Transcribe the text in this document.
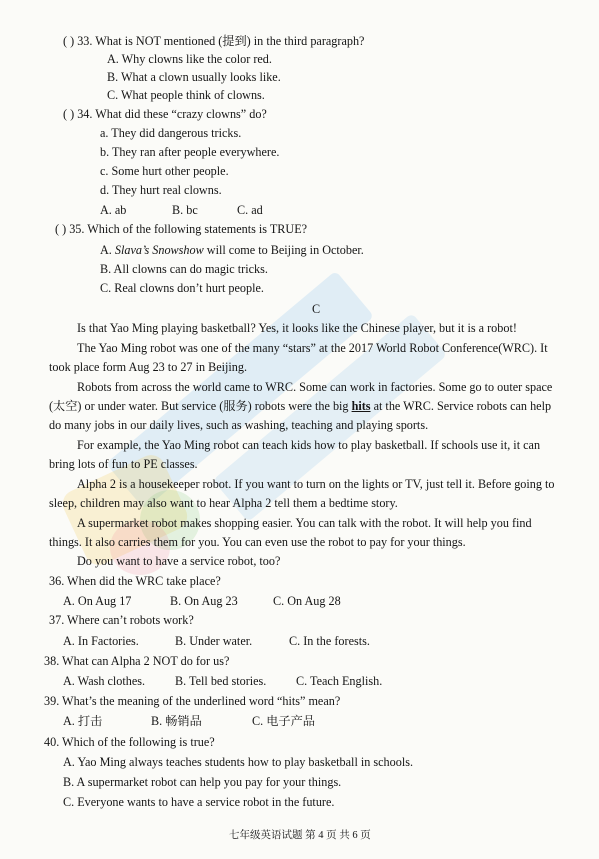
( ) 33. What is NOT mentioned (提到) in the third paragraph?
A. Why clowns like the color red.
B. What a clown usually looks like.
C. What people think of clowns.
( ) 34. What did these “crazy clowns” do?
a. They did dangerous tricks.
b. They ran after people everywhere.
c. Some hurt other people.
d. They hurt real clowns.
A. ab	B. bc	C. ad
( ) 35. Which of the following statements is TRUE?
A. Slava’s Snowshow will come to Beijing in October.
B. All clowns can do magic tricks.
C. Real clowns don’t hurt people.
C
Is that Yao Ming playing basketball? Yes, it looks like the Chinese player, but it is a robot!
The Yao Ming robot was one of the many “stars” at the 2017 World Robot Conference(WRC). It
took place form Aug 23 to 27 in Beijing.
Robots from across the world came to WRC. Some can work in factories. Some go to outer space
(太空) or under water. But service (服务) robots were the big hits at the WRC. Service robots can help
do many jobs in our daily lives, such as washing, teaching and playing sports.
For example, the Yao Ming robot can teach kids how to play basketball. If schools use it, it can
bring lots of fun to PE classes.
Alpha 2 is a housekeeper robot. If you want to turn on the lights or TV, just tell it. Before going to
sleep, children may also want to hear Alpha 2 tell them a bedtime story.
A supermarket robot makes shopping easier. You can talk with the robot. It will help you find
things. It also carries them for you. You can even use the robot to pay for your things.
Do you want to have a service robot, too?
36. When did the WRC take place?
A. On Aug 17	B. On Aug 23	C. On Aug 28
37. Where can’t robots work?
A. In Factories.	B. Under water.	C. In the forests.
38. What can Alpha 2 NOT do for us?
A. Wash clothes. B. Tell bed stories. C. Teach English.
39. What’s the meaning of the underlined word “hits” mean?
A. 打击	B. 畅销品	C. 电子产品
40. Which of the following is true?
A. Yao Ming always teaches students how to play basketball in schools.
B. A supermarket robot can help you pay for your things.
C. Everyone wants to have a service robot in the future.
七年级英语试题 第 4 页 共 6 页
